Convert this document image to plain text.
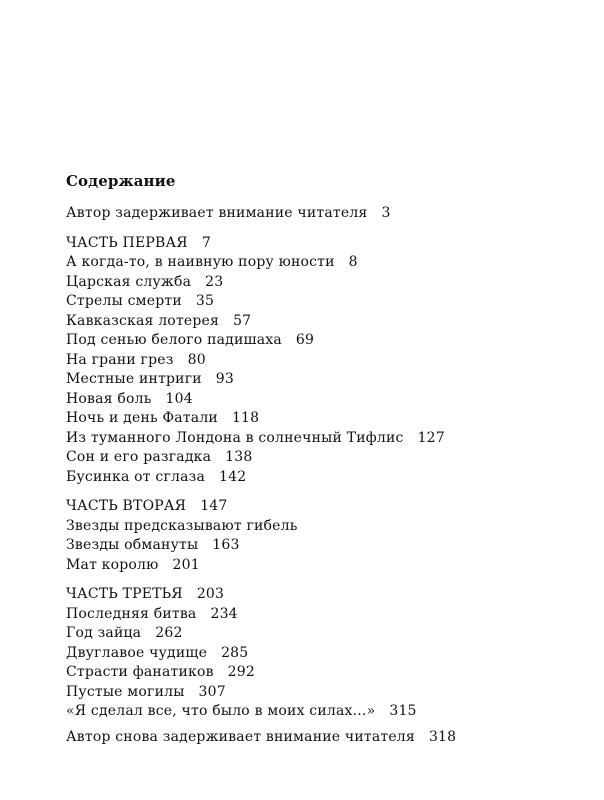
Содержание
Автор задерживает внимание читателя 3
ЧАСТЬ ПЕРВАЯ 7
А когда-то, в наивную пору юности 8
Царская служба 23
Стрелы смерти 35
Кавказская лотерея 57
Под сенью белого падишаха 69
На грани грез 80
Местные интриги 93
Новая боль 104
Ночь и день Фатали 118
Из туманного Лондона в солнечный Тифлис 127
Сон и его разгадка 138
Бусинка от сглаза 142
ЧАСТЬ ВТОРАЯ 147
Звезды предсказывают гибель
Звезды обмануты 163
Мат королю 201
ЧАСТЬ ТРЕТЬЯ 203
Последняя битва 234
Год зайца 262
Двуглавое чудище 285
Страсти фанатиков 292
Пустые могилы 307
«Я сделал все, что было в моих силах...» 315
Автор снова задерживает внимание читателя 318
